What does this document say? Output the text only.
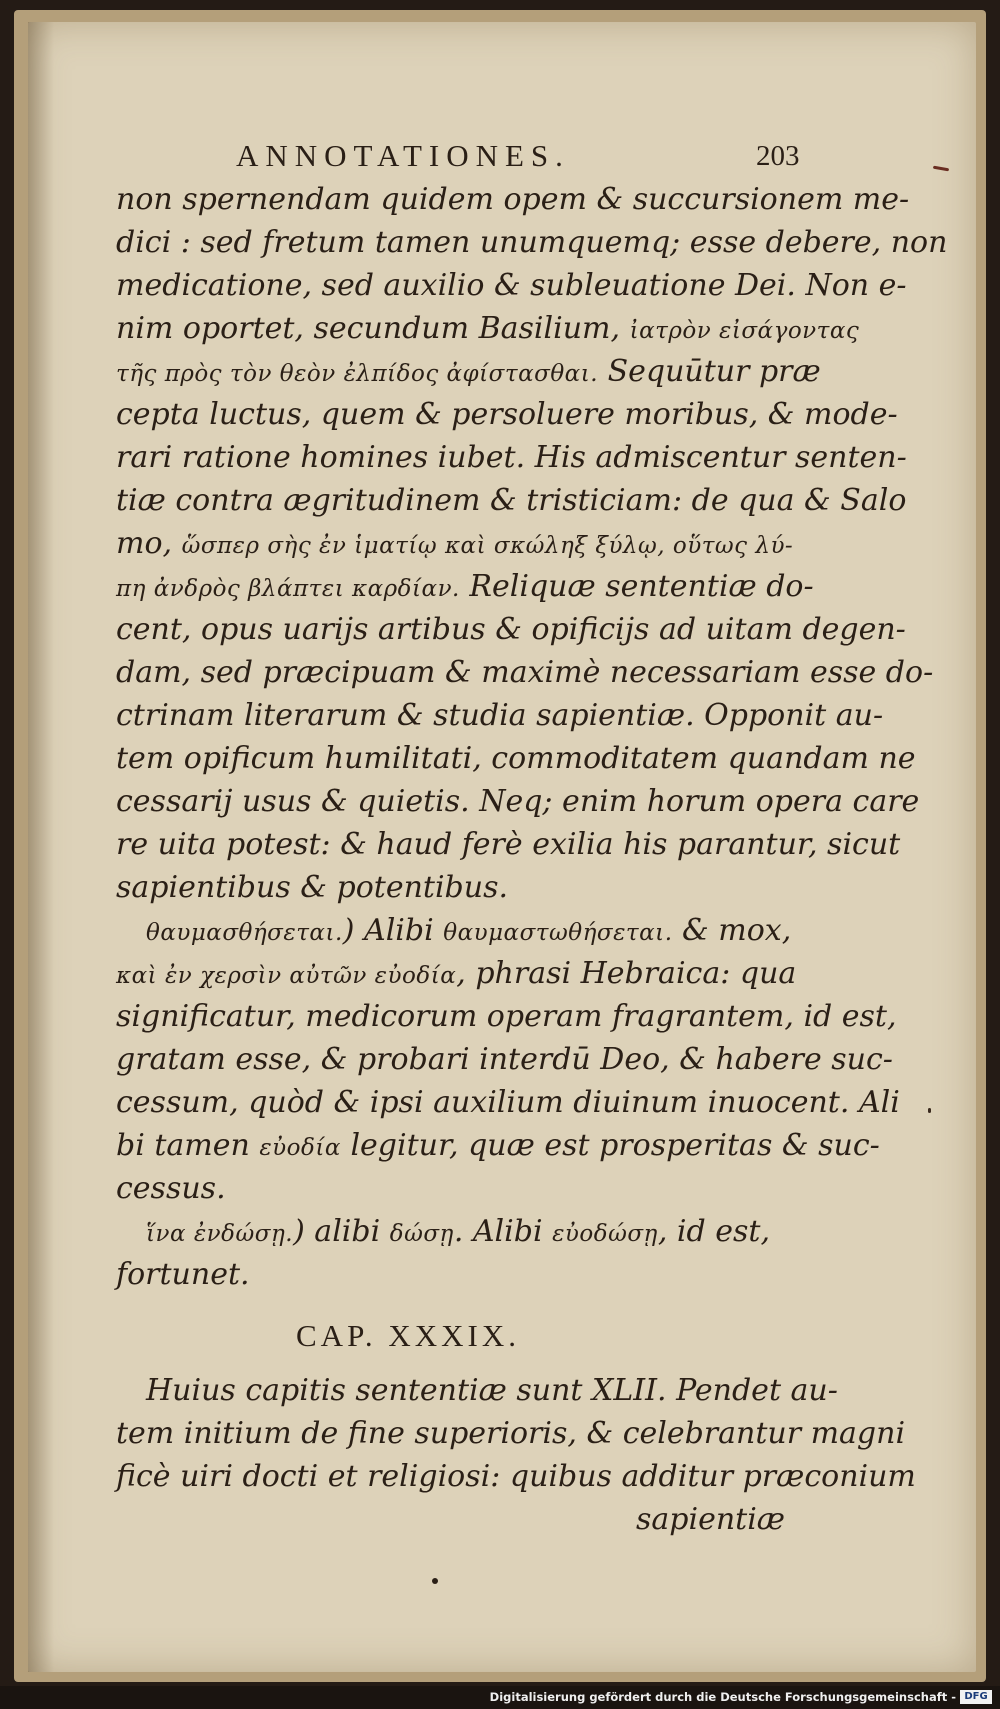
ANNOTATIONES.	203
non spernendam quidem opem & succursionem me-
dici : sed fretum tamen unumquemq; esse debere, non
medicatione, sed auxilio & subleuatione Dei. Non e-
nim oportet, secundum Basilium, ἰατρὸν εἰσάγοντας
τῆς πρὸς τὸν θεὸν ἐλπίδος ἀφίστασθαι. Sequūtur præ
cepta luctus, quem & persoluere moribus, & mode-
rari ratione homines iubet. His admiscentur senten-
tiæ contra ægritudinem & tristiciam: de qua & Salo
mo, ὥσπερ σὴς ἐν ἱματίῳ καὶ σκώληξ ξύλῳ, οὕτως λύ-
πη ἀνδρὸς βλάπτει καρδίαν. Reliquæ sententiæ do-
cent, opus uarijs artibus & opificijs ad uitam degen-
dam, sed præcipuam & maximè necessariam esse do-
ctrinam literarum & studia sapientiæ. Opponit au-
tem opificum humilitati, commoditatem quandam ne
cessarij usus & quietis. Neq; enim horum opera care
re uita potest: & haud ferè exilia his parantur, sicut
sapientibus & potentibus.
θαυμασθήσεται.) Alibi θαυμαστωθήσεται. & mox,
καὶ ἐν χερσὶν αὐτῶν εὐοδία, phrasi Hebraica: qua
significatur, medicorum operam fragrantem, id est,
gratam esse, & probari interdū Deo, & habere suc-
cessum, quòd & ipsi auxilium diuinum inuocent. Ali
bi tamen εὐοδία legitur, quæ est prosperitas & suc-
cessus.
ἵνα ἐνδώσῃ.) alibi δώσῃ. Alibi εὐοδώσῃ, id est,
fortunet.
CAP. XXXIX.
Huius capitis sententiæ sunt XLII. Pendet au-
tem initium de fine superioris, & celebrantur magni
ficè uiri docti et religiosi: quibus additur præconium
sapientiæ
Digitalisierung gefördert durch die Deutsche Forschungsgemeinschaft - DFG
